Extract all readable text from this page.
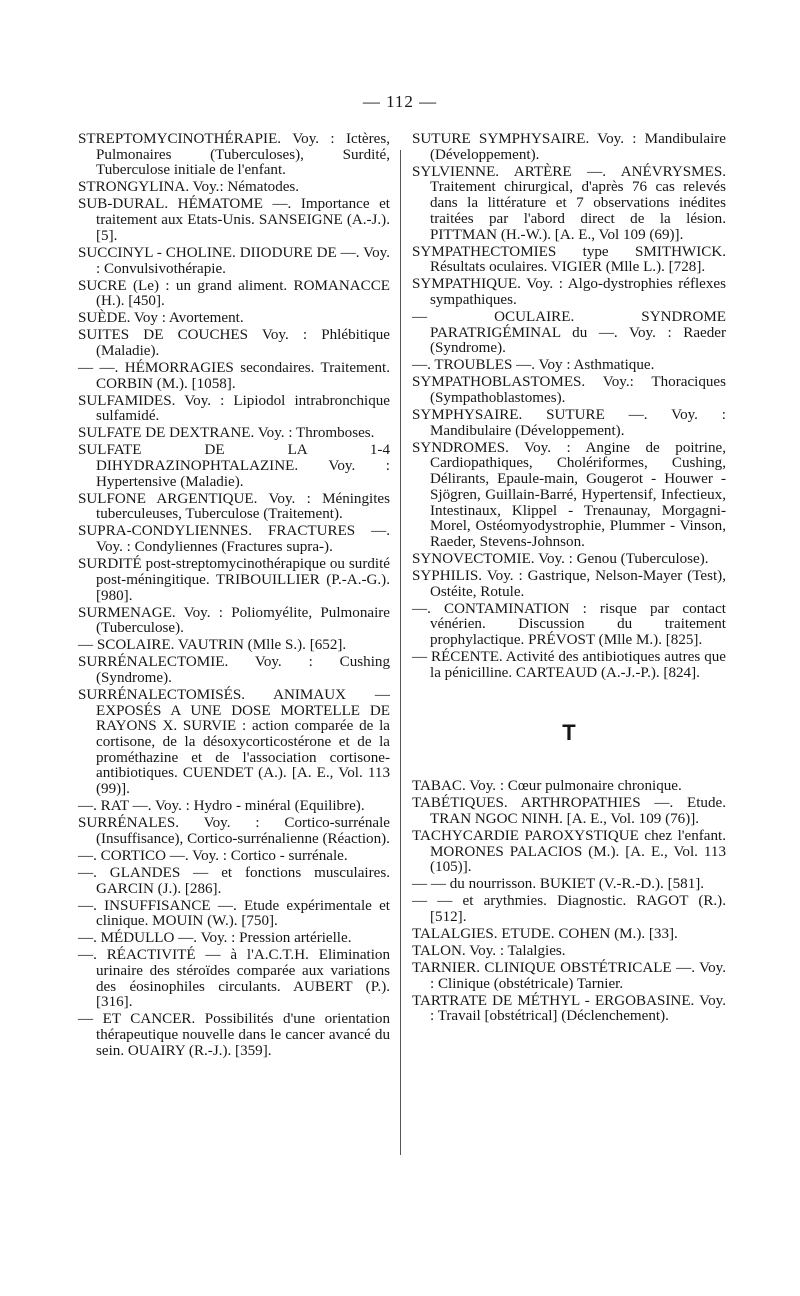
— 112 —

STREPTOMYCINOTHÉRAPIE. Voy. : Ictères, Pulmonaires (Tuberculoses), Surdité, Tuberculose initiale de l'enfant.

STRONGYLINA. Voy.: Nématodes.

SUB-DURAL. HÉMATOME —. Importance et traitement aux Etats-Unis. SANSEIGNE (A.-J.). [5].

SUCCINYL - CHOLINE. DIIODURE DE —. Voy. : Convulsivothérapie.

SUCRE (Le) : un grand aliment. ROMANACCE (H.). [450].

SUÈDE. Voy : Avortement.

SUITES DE COUCHES Voy. : Phlébitique (Maladie).

— —. HÉMORRAGIES secondaires. Traitement. CORBIN (M.). [1058].

SULFAMIDES. Voy. : Lipiodol intrabronchique sulfamidé.

SULFATE DE DEXTRANE. Voy. : Thromboses.

SULFATE DE LA 1-4 DIHYDRAZINOPHTALAZINE. Voy. : Hypertensive (Maladie).

SULFONE ARGENTIQUE. Voy. : Méningites tuberculeuses, Tuberculose (Traitement).

SUPRA-CONDYLIENNES. FRACTURES —. Voy. : Condyliennes (Fractures supra-).

SURDITÉ post-streptomycinothérapique ou surdité post-méningitique. TRIBOUILLIER (P.-A.-G.). [980].

SURMENAGE. Voy. : Poliomyélite, Pulmonaire (Tuberculose).

— SCOLAIRE. VAUTRIN (Mlle S.). [652].

SURRÉNALECTOMIE. Voy. : Cushing (Syndrome).

SURRÉNALECTOMISÉS. ANIMAUX — EXPOSÉS A UNE DOSE MORTELLE DE RAYONS X. SURVIE : action comparée de la cortisone, de la désoxycorticostérone et de la prométhazine et de l'association cortisone-antibiotiques. CUENDET (A.). [A. E., Vol. 113 (99)].

—. RAT —. Voy. : Hydro - minéral (Equilibre).

SURRÉNALES. Voy. : Cortico-surrénale (Insuffisance), Cortico-surrénalienne (Réaction).

—. CORTICO —. Voy. : Cortico - surrénale.

—. GLANDES — et fonctions musculaires. GARCIN (J.). [286].

—. INSUFFISANCE —. Etude expérimentale et clinique. MOUIN (W.). [750].

—. MÉDULLO —. Voy. : Pression artérielle.

—. RÉACTIVITÉ — à l'A.C.T.H. Elimination urinaire des stéroïdes comparée aux variations des éosinophiles circulants. AUBERT (P.). [316].

— ET CANCER. Possibilités d'une orientation thérapeutique nouvelle dans le cancer avancé du sein. OUAIRY (R.-J.). [359].

SUTURE SYMPHYSAIRE. Voy. : Mandibulaire (Développement).

SYLVIENNE. ARTÈRE —. ANÉVRYSMES. Traitement chirurgical, d'après 76 cas relevés dans la littérature et 7 observations inédites traitées par l'abord direct de la lésion. PITTMAN (H.-W.). [A. E., Vol 109 (69)].

SYMPATHECTOMIES type SMITHWICK. Résultats oculaires. VIGIER (Mlle L.). [728].

SYMPATHIQUE. Voy. : Algo-dystrophies réflexes sympathiques.

— OCULAIRE. SYNDROME PARATRIGÉMINAL du —. Voy. : Raeder (Syndrome).

—. TROUBLES —. Voy : Asthmatique.

SYMPATHOBLASTOMES. Voy.: Thoraciques (Sympathoblastomes).

SYMPHYSAIRE. SUTURE —. Voy. : Mandibulaire (Développement).

SYNDROMES. Voy. : Angine de poitrine, Cardiopathiques, Cholériformes, Cushing, Délirants, Epaule-main, Gougerot - Houwer - Sjögren, Guillain-Barré, Hypertensif, Infectieux, Intestinaux, Klippel - Trenaunay, Morgagni-Morel, Ostéomyodystrophie, Plummer - Vinson, Raeder, Stevens-Johnson.

SYNOVECTOMIE. Voy. : Genou (Tuberculose).

SYPHILIS. Voy. : Gastrique, Nelson-Mayer (Test), Ostéite, Rotule.

—. CONTAMINATION : risque par contact vénérien. Discussion du traitement prophylactique. PRÉVOST (Mlle M.). [825].

— RÉCENTE. Activité des antibiotiques autres que la pénicilline. CARTEAUD (A.-J.-P.). [824].

T

TABAC. Voy. : Cœur pulmonaire chronique.

TABÉTIQUES. ARTHROPATHIES —. Etude. TRAN NGOC NINH. [A. E., Vol. 109 (76)].

TACHYCARDIE PAROXYSTIQUE chez l'enfant. MORONES PALACIOS (M.). [A. E., Vol. 113 (105)].

— — du nourrisson. BUKIET (V.-R.-D.). [581].

— — et arythmies. Diagnostic. RAGOT (R.). [512].

TALALGIES. ETUDE. COHEN (M.). [33].

TALON. Voy. : Talalgies.

TARNIER. CLINIQUE OBSTÉTRICALE —. Voy. : Clinique (obstétricale) Tarnier.

TARTRATE DE MÉTHYL - ERGOBASINE. Voy. : Travail [obstétrical] (Déclenchement).
